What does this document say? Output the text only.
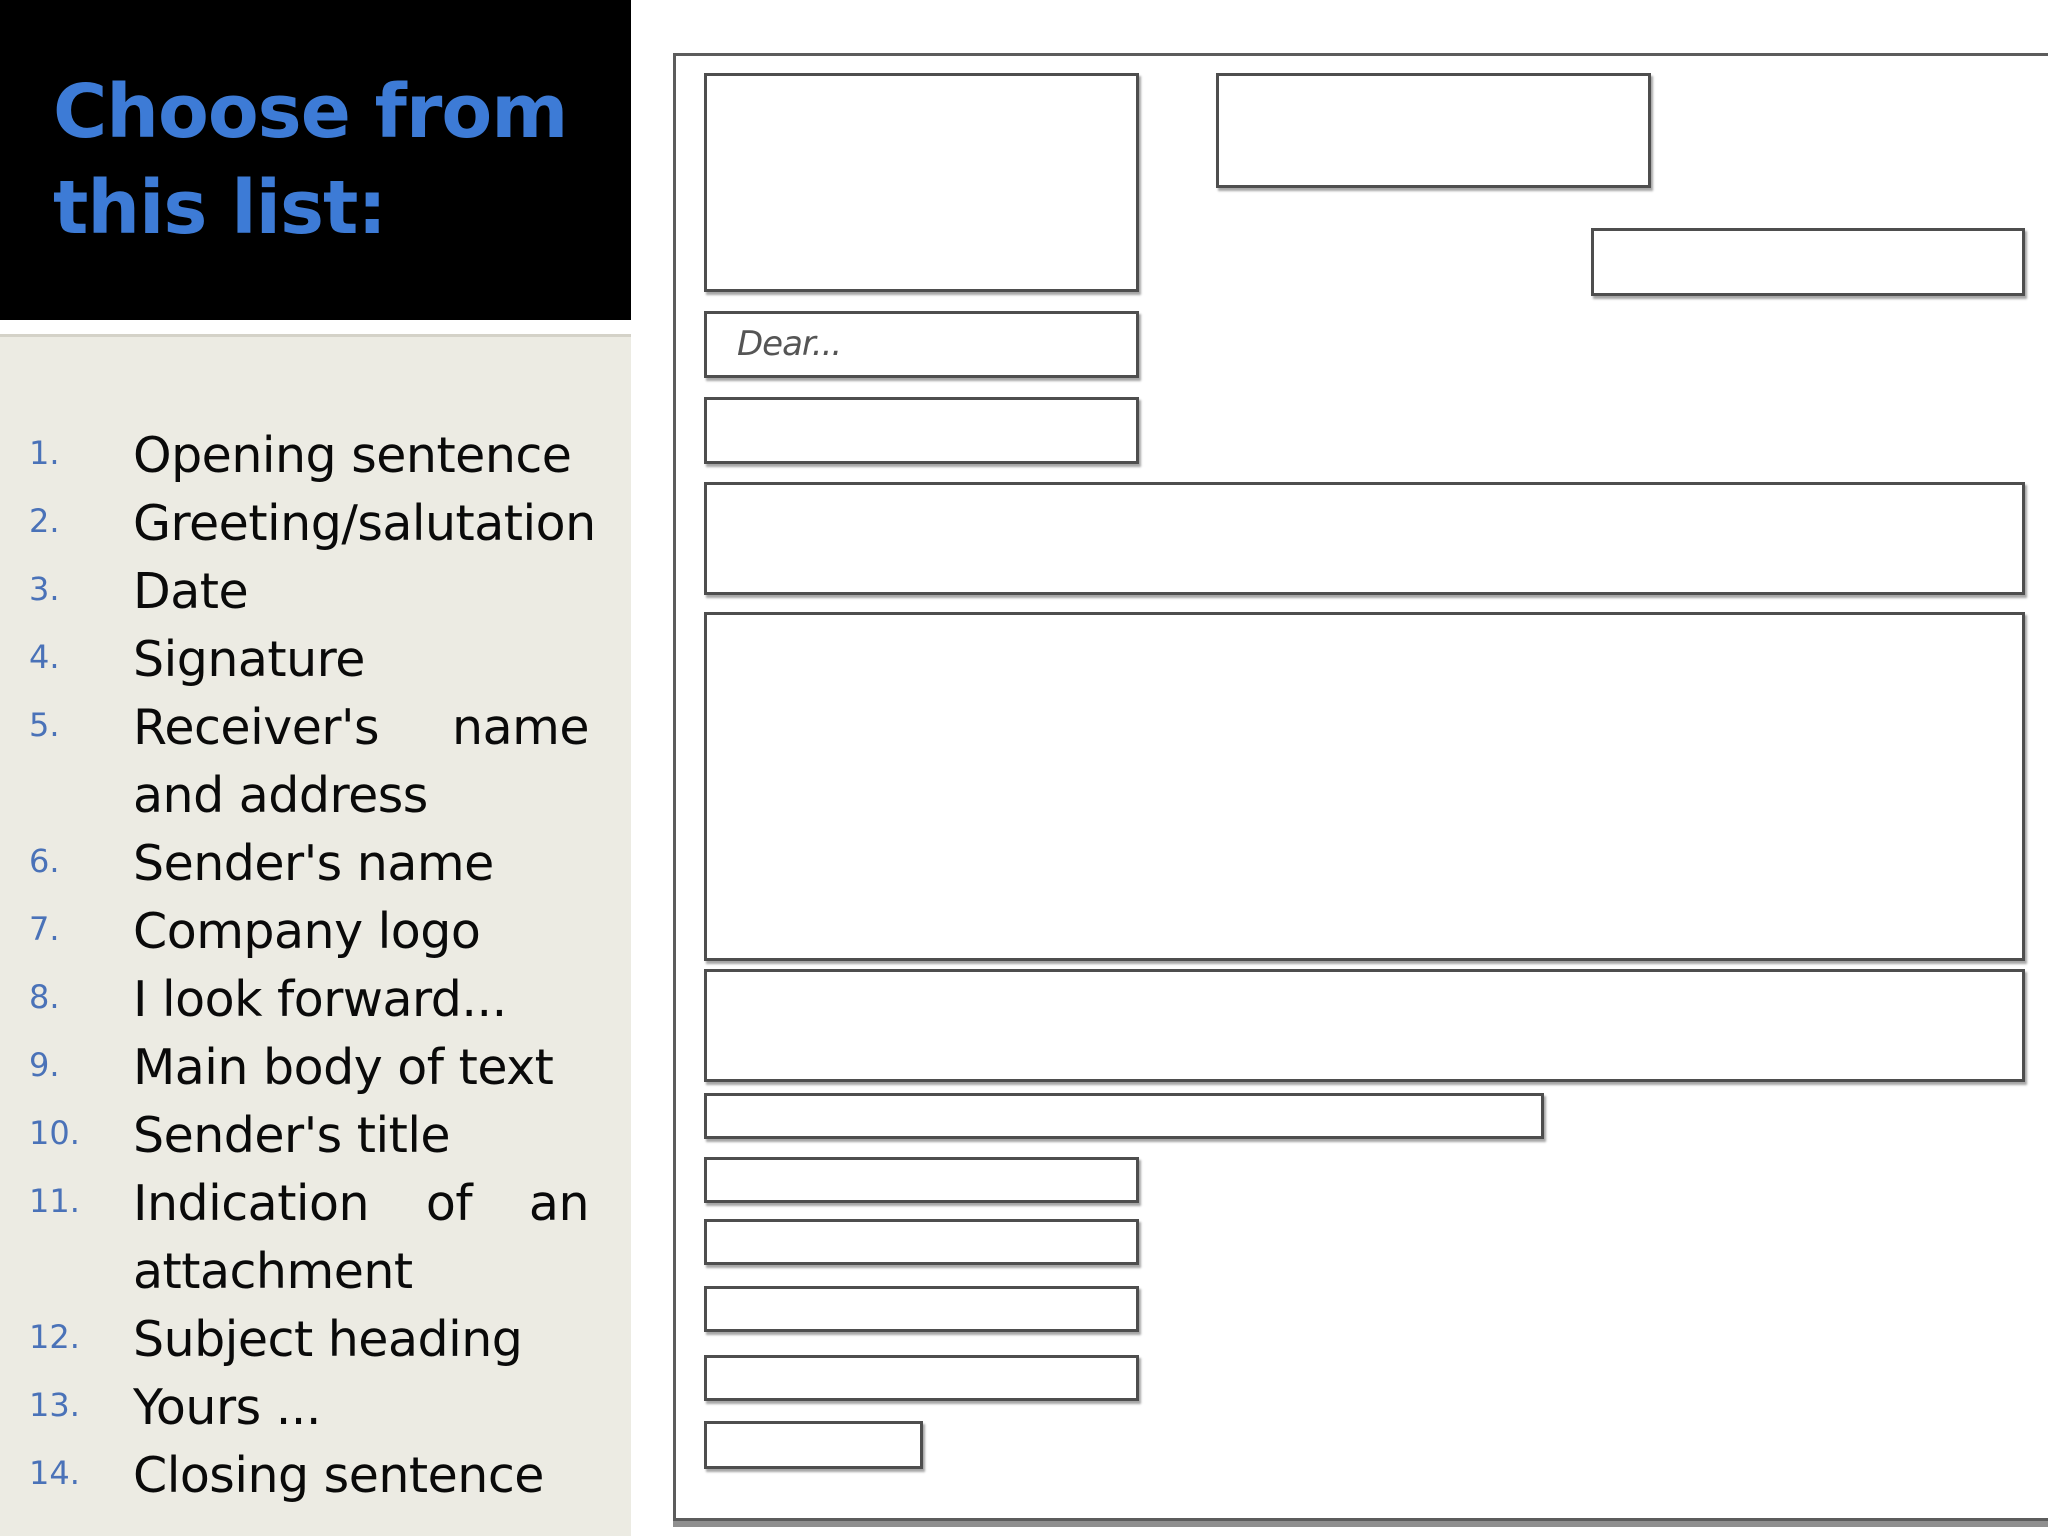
Choose from
this list:
1. Opening sentence
2. Greeting/salutation
3. Date
4. Signature
5. Receiver's name and address
6. Sender's name
7. Company logo
8. I look forward...
9. Main body of text
10. Sender's title
11. Indication of an attachment
12. Subject heading
13. Yours ...
14. Closing sentence
Dear...
